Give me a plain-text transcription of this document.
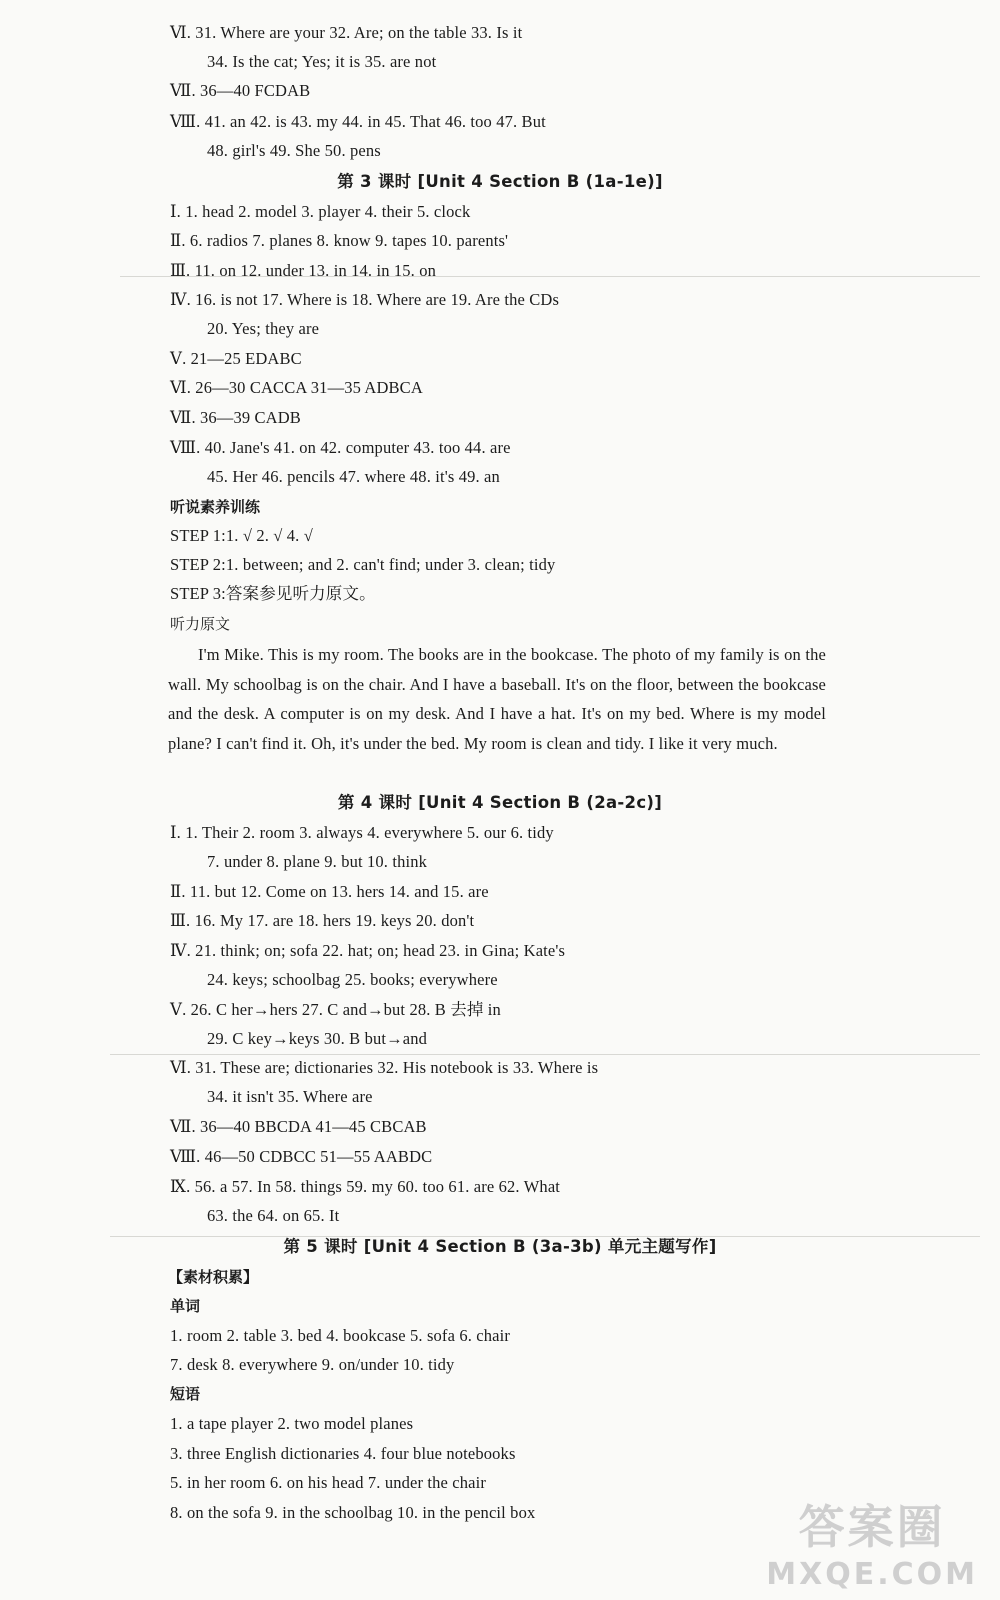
Ⅵ. 31. Where are your 32. Are; on the table 33. Is it
34. Is the cat; Yes; it is 35. are not
Ⅶ. 36—40 FCDAB
Ⅷ. 41. an 42. is 43. my 44. in 45. That 46. too 47. But
48. girl's 49. She 50. pens
第 3 课时 [Unit 4 Section B (1a-1e)]
Ⅰ. 1. head 2. model 3. player 4. their 5. clock
Ⅱ. 6. radios 7. planes 8. know 9. tapes 10. parents'
Ⅲ. 11. on 12. under 13. in 14. in 15. on
Ⅳ. 16. is not 17. Where is 18. Where are 19. Are the CDs
20. Yes; they are
Ⅴ. 21—25 EDABC
Ⅵ. 26—30 CACCA 31—35 ADBCA
Ⅶ. 36—39 CADB
Ⅷ. 40. Jane's 41. on 42. computer 43. too 44. are
45. Her 46. pencils 47. where 48. it's 49. an
听说素养训练
STEP 1:1. √ 2. √ 4. √
STEP 2:1. between; and 2. can't find; under 3. clean; tidy
STEP 3:答案参见听力原文。
听力原文
I'm Mike. This is my room. The books are in the bookcase. The photo of my family is on the wall. My schoolbag is on the chair. And I have a baseball. It's on the floor, between the bookcase and the desk. A computer is on my desk. And I have a hat. It's on my bed. Where is my model plane? I can't find it. Oh, it's under the bed. My room is clean and tidy. I like it very much.
第 4 课时 [Unit 4 Section B (2a-2c)]
Ⅰ. 1. Their 2. room 3. always 4. everywhere 5. our 6. tidy
7. under 8. plane 9. but 10. think
Ⅱ. 11. but 12. Come on 13. hers 14. and 15. are
Ⅲ. 16. My 17. are 18. hers 19. keys 20. don't
Ⅳ. 21. think; on; sofa 22. hat; on; head 23. in Gina; Kate's
24. keys; schoolbag 25. books; everywhere
Ⅴ. 26. C her→hers 27. C and→but 28. B 去掉 in
29. C key→keys 30. B but→and
Ⅵ. 31. These are; dictionaries 32. His notebook is 33. Where is
34. it isn't 35. Where are
Ⅶ. 36—40 BBCDA 41—45 CBCAB
Ⅷ. 46—50 CDBCC 51—55 AABDC
Ⅸ. 56. a 57. In 58. things 59. my 60. too 61. are 62. What
63. the 64. on 65. It
第 5 课时 [Unit 4 Section B (3a-3b) 单元主题写作]
【素材积累】
单词
1. room 2. table 3. bed 4. bookcase 5. sofa 6. chair
7. desk 8. everywhere 9. on/under 10. tidy
短语
1. a tape player 2. two model planes
3. three English dictionaries 4. four blue notebooks
5. in her room 6. on his head 7. under the chair
8. on the sofa 9. in the schoolbag 10. in the pencil box	答案圈
MXQE.COM
